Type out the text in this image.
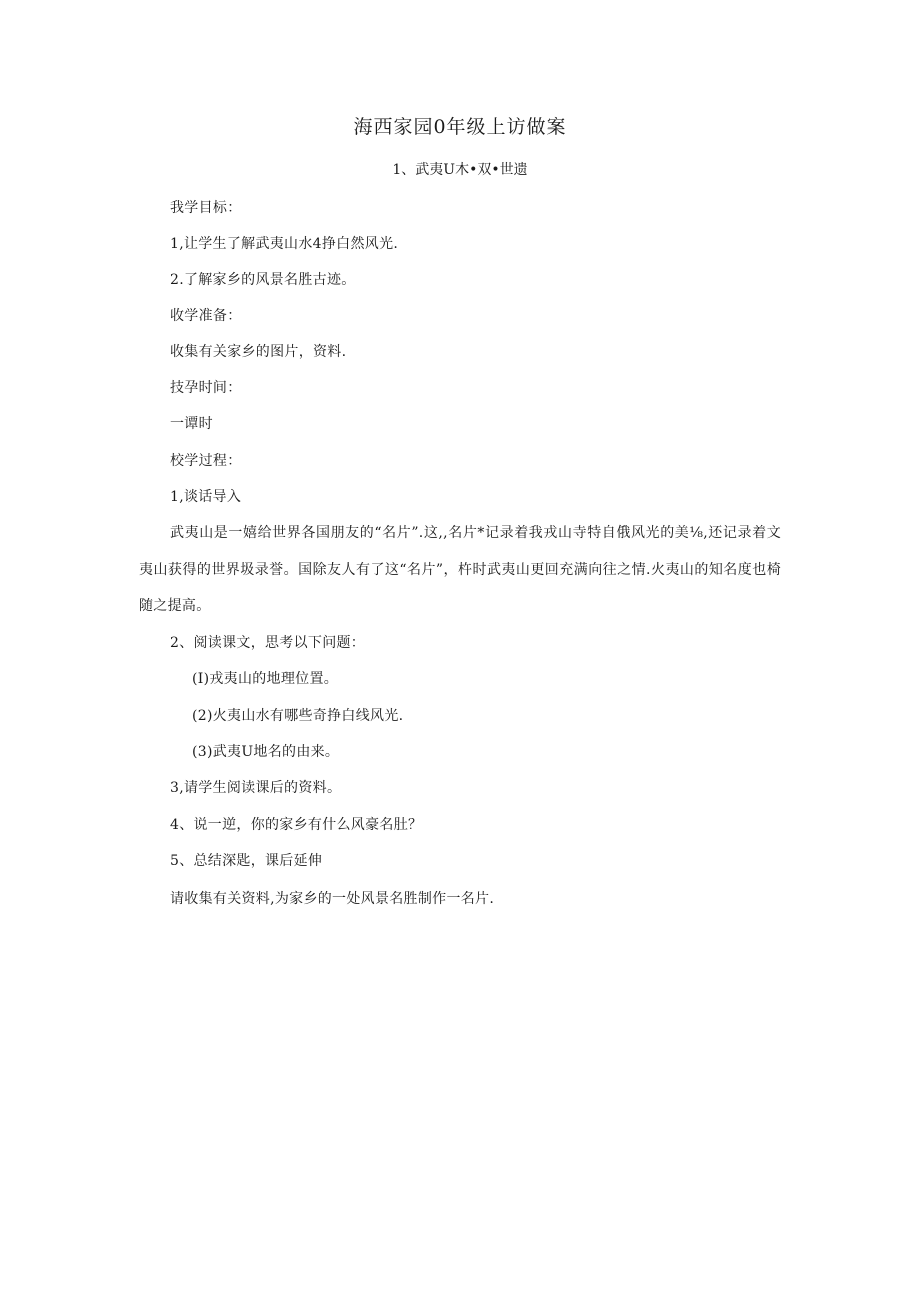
海西家园0年级上访做案
1、武夷U木•双•世遗
我学目标：
1,让学生了解武夷山水4挣白然风光.
2.了解家乡的风景名胜古迹。
收学准备：
收集有关家乡的图片，资料.
技孕时间：
一谭时
校学过程：
1,谈话导入
武夷山是一嬉给世界各国朋友的“名片”.这,,名片*记录着我戎山寺特自俄风光的美⅛,还记录着文夷山获得的世界圾录誉。国除友人有了这“名片”，杵时武夷山更回充满向往之情.火夷山的知名度也椅随之提高。
2、阅读课文，思考以下问题：
(I)戎夷山的地理位置。
(2)火夷山水有哪些奇挣白线风光.
(3)武夷U地名的由来。
3,请学生阅读课后的资料。
4、说一逆，你的家乡有什么风豪名肚？
5、总结深匙，课后延伸
请收集有关资料,为家乡的一处风景名胜制作一名片.
